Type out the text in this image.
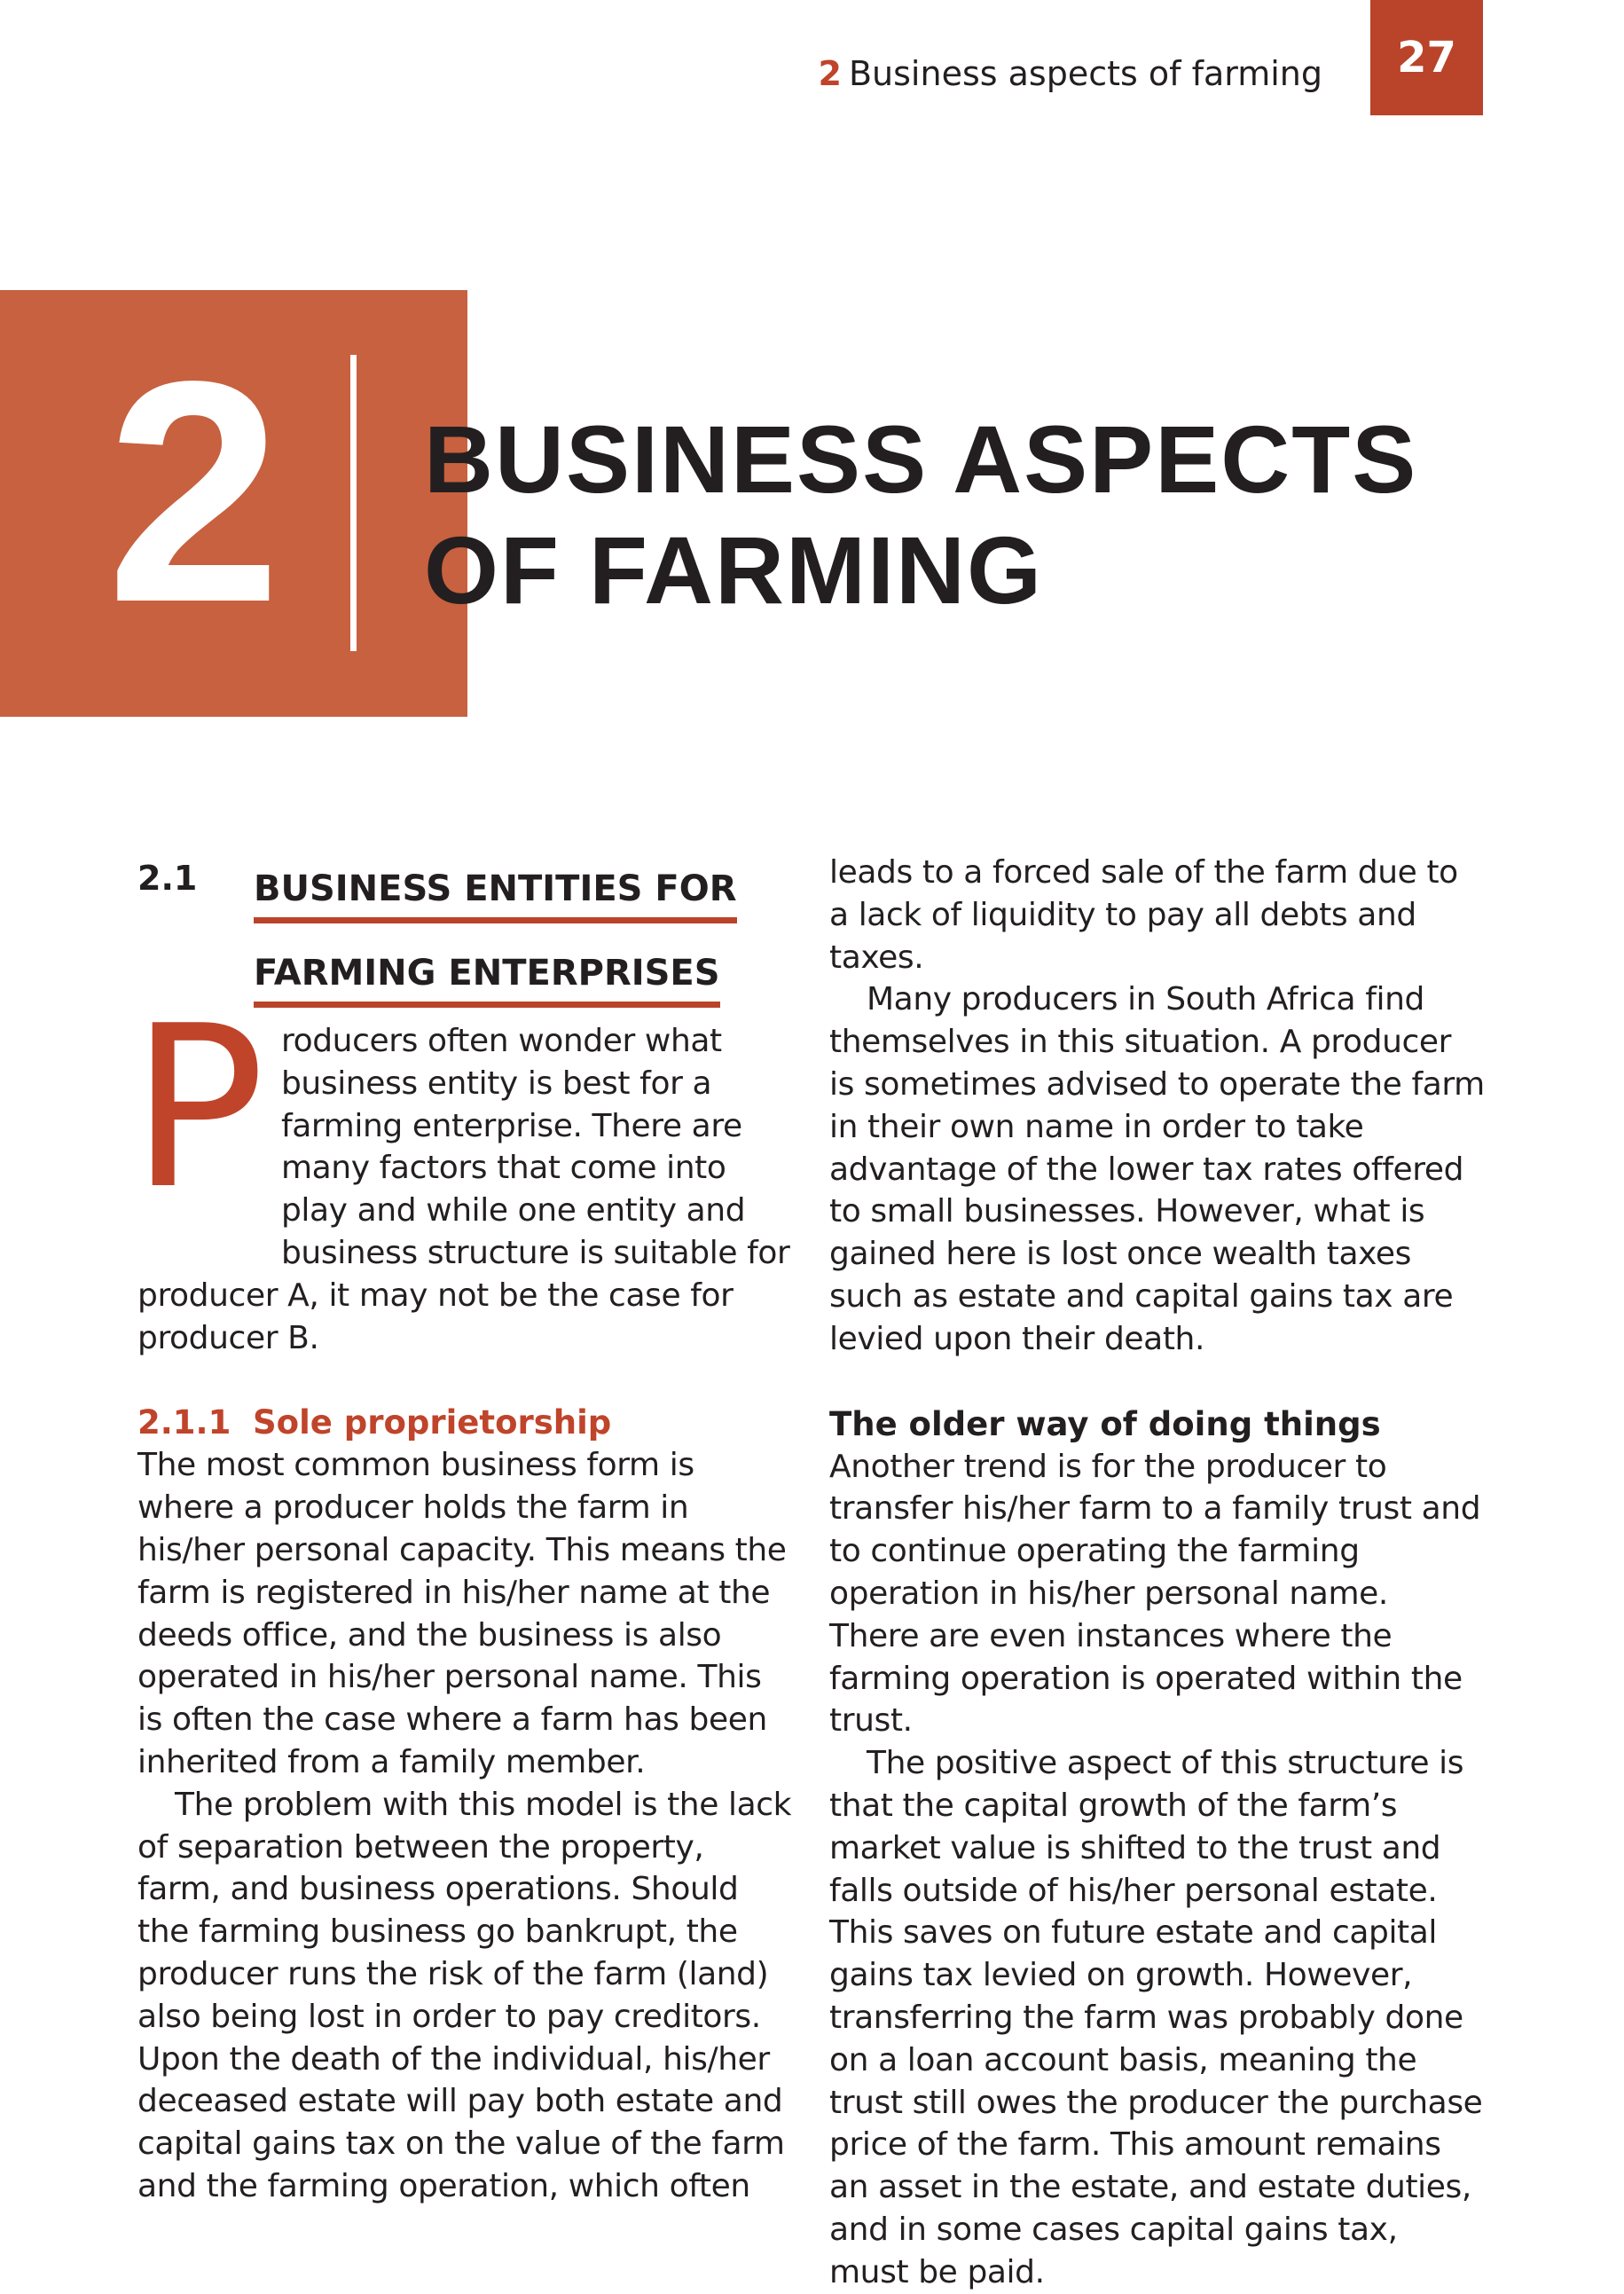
2 Business aspects of farming	27
2	BUSINESS ASPECTS
OF FARMING
2.1 BUSINESS ENTITIES FOR
FARMING ENTERPRISES
P roducers often wonder what business entity is best for a farming enterprise. There are many factors that come into play and while one entity and business structure is suitable for producer A, it may not be the case for producer B.

2.1.1 Sole proprietorship

The most common business form is where a producer holds the farm in his/her personal capacity. This means the farm is registered in his/her name at the deeds office, and the business is also operated in his/her personal name. This is often the case where a farm has been inherited from a family member.

The problem with this model is the lack of separation between the property, farm, and business operations. Should the farming business go bankrupt, the producer runs the risk of the farm (land) also being lost in order to pay creditors. Upon the death of the individual, his/her deceased estate will pay both estate and capital gains tax on the value of the farm and the farming operation, which often

leads to a forced sale of the farm due to a lack of liquidity to pay all debts and taxes.

Many producers in South Africa find themselves in this situation. A producer is sometimes advised to operate the farm in their own name in order to take advantage of the lower tax rates offered to small businesses. However, what is gained here is lost once wealth taxes such as estate and capital gains tax are levied upon their death.

The older way of doing things

Another trend is for the producer to transfer his/her farm to a family trust and to continue operating the farming operation in his/her personal name. There are even instances where the farming operation is operated within the trust.

The positive aspect of this structure is that the capital growth of the farm’s market value is shifted to the trust and falls outside of his/her personal estate. This saves on future estate and capital gains tax levied on growth. However, transferring the farm was probably done on a loan account basis, meaning the trust still owes the producer the purchase price of the farm. This amount remains an asset in the estate, and estate duties, and in some cases capital gains tax, must be paid.
